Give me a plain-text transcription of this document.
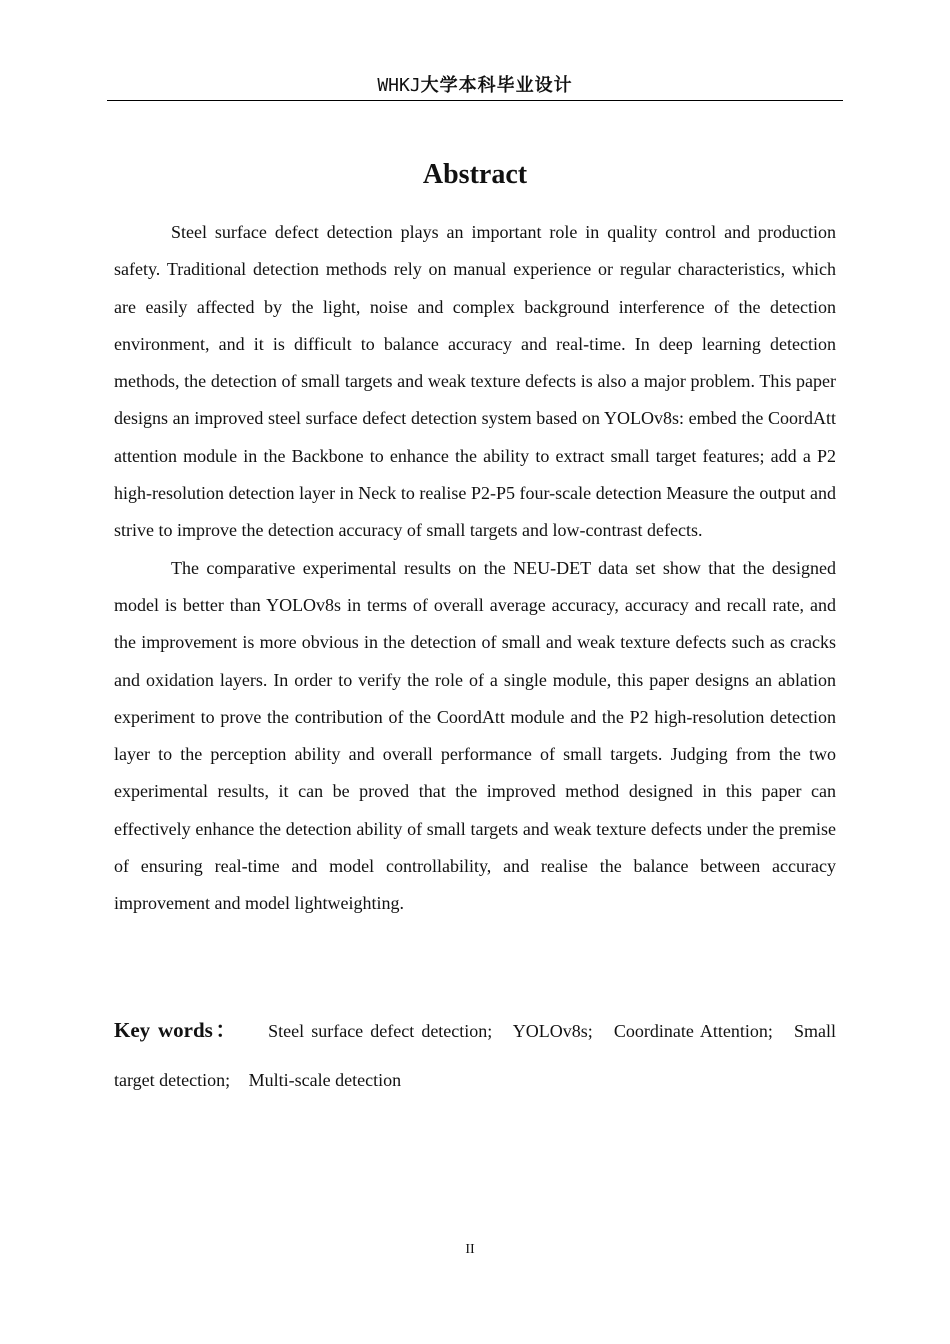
WHKJ大学本科毕业设计
Abstract

Steel surface defect detection plays an important role in quality control and production safety. Traditional detection methods rely on manual experience or regular characteristics, which are easily affected by the light, noise and complex background interference of the detection environment, and it is difficult to balance accuracy and real-time. In deep learning detection methods, the detection of small targets and weak texture defects is also a major problem. This paper designs an improved steel surface defect detection system based on YOLOv8s: embed the CoordAtt attention module in the Backbone to enhance the ability to extract small target features; add a P2 high-resolution detection layer in Neck to realise P2-P5 four-scale detection Measure the output and strive to improve the detection accuracy of small targets and low-contrast defects.

The comparative experimental results on the NEU-DET data set show that the designed model is better than YOLOv8s in terms of overall average accuracy, accuracy and recall rate, and the improvement is more obvious in the detection of small and weak texture defects such as cracks and oxidation layers. In order to verify the role of a single module, this paper designs an ablation experiment to prove the contribution of the CoordAtt module and the P2 high-resolution detection layer to the perception ability and overall performance of small targets. Judging from the two experimental results, it can be proved that the improved method designed in this paper can effectively enhance the detection ability of small targets and weak texture defects under the premise of ensuring real-time and model controllability, and realise the balance between accuracy improvement and model lightweighting.

Key words： Steel surface defect detection; YOLOv8s; Coordinate Attention; Small target detection; Multi-scale detection
II
